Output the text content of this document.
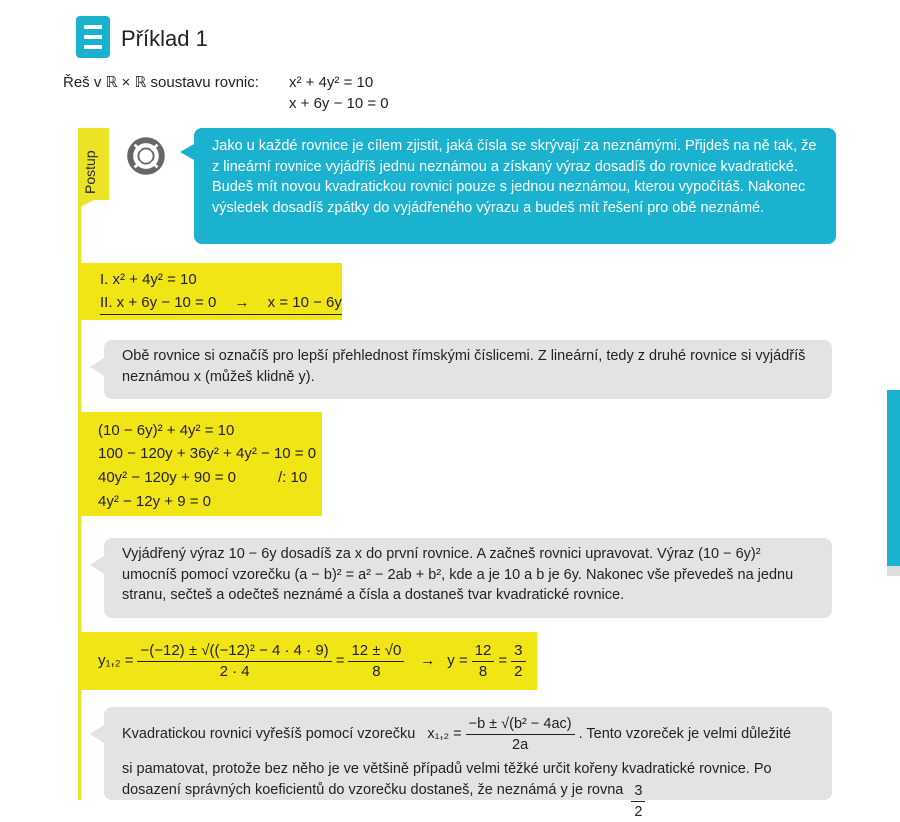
Příklad 1
Řeš v ℝ × ℝ soustavu rovnic: x² + 4y² = 10
x + 6y − 10 = 0
Postup
Jako u každé rovnice je cílem zjistit, jaká čísla se skrývají za neznámými. Přijdeš na ně tak, že z lineární rovnice vyjádříš jednu neznámou a získaný výraz dosadíš do rovnice kvadratické. Budeš mít novou kvadratickou rovnici pouze s jednou neznámou, kterou vypočítáš. Nakonec výsledek dosadíš zpátky do vyjádřeného výrazu a budeš mít řešení pro obě neznámé.
I. x² + 4y² = 10
II. x + 6y − 10 = 0 → x = 10 − 6y
Obě rovnice si označíš pro lepší přehlednost římskými číslicemi. Z lineární, tedy z druhé rovnice si vyjádříš neznámou x (můžeš klidně y).
(10 − 6y)² + 4y² = 10
100 − 120y + 36y² + 4y² − 10 = 0
40y² − 120y + 90 = 0	/: 10
4y² − 12y + 9 = 0
Vyjádřený výraz 10 − 6y dosadíš za x do první rovnice. A začneš rovnici upravovat. Výraz (10 − 6y)² umocníš pomocí vzorečku (a − b)² = a² − 2ab + b², kde a je 10 a b je 6y. Nakonec vše převedeš na jednu stranu, sečteš a odečteš neznámé a čísla a dostaneš tvar kvadratické rovnice.
$y_1,_2 = \frac{\text{−(−12) ± √((−12)² − 4 · 4 · 9)}}{2 \cdot 4} = \frac{12 \pm √0}{8} \to y = \frac{12}{8} = \frac{3}{2}$
Kvadratickou rovnici vyřešíš pomocí vzorečku $x_1,_2 = \frac{\text{−b ± √(b² − 4ac)}}{2a}$ . Tento vzoreček je velmi důležité
si pamatovat, protože bez něho je ve většině případů velmi těžké určit kořeny kvadratické rovnice. Po dosazení správných koeficientů do vzorečku dostaneš, že neznámá y je rovna $\frac{3}{2}$
